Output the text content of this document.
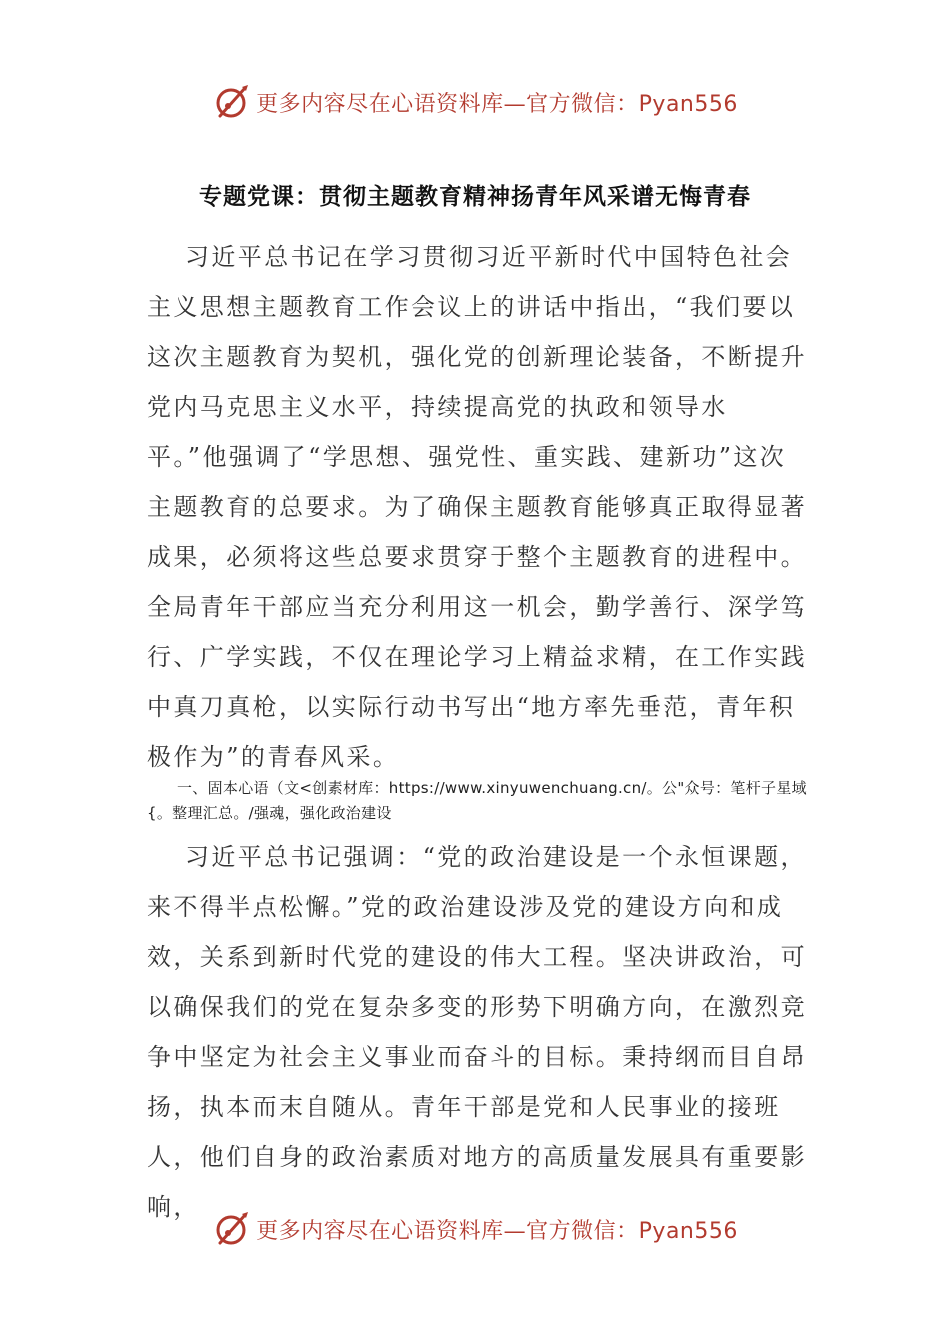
更多内容尽在心语资料库—官方微信：Pyan556
专题党课：贯彻主题教育精神扬青年风采谱无悔青春

习近平总书记在学习贯彻习近平新时代中国特色社会主义思想主题教育工作会议上的讲话中指出，“我们要以这次主题教育为契机，强化党的创新理论装备，不断提升党内马克思主义水平，持续提高党的执政和领导水平。”他强调了“学思想、强党性、重实践、建新功”这次主题教育的总要求。为了确保主题教育能够真正取得显著成果，必须将这些总要求贯穿于整个主题教育的进程中。全局青年干部应当充分利用这一机会，勤学善行、深学笃行、广学实践，不仅在理论学习上精益求精，在工作实践中真刀真枪，以实际行动书写出“地方率先垂范，青年积极作为”的青春风采。

一、固本心语（文<创素材库：https://www.xinyuwenchuang.cn/。公"众号：笔杆子星域{。整理汇总。/强魂，强化政治建设

习近平总书记强调：“党的政治建设是一个永恒课题，来不得半点松懈。”党的政治建设涉及党的建设方向和成效，关系到新时代党的建设的伟大工程。坚决讲政治，可以确保我们的党在复杂多变的形势下明确方向，在激烈竞争中坚定为社会主义事业而奋斗的目标。秉持纲而目自昂扬，执本而末自随从。青年干部是党和人民事业的接班人，他们自身的政治素质对地方的高质量发展具有重要影响，

更多内容尽在心语资料库—官方微信：Pyan556
